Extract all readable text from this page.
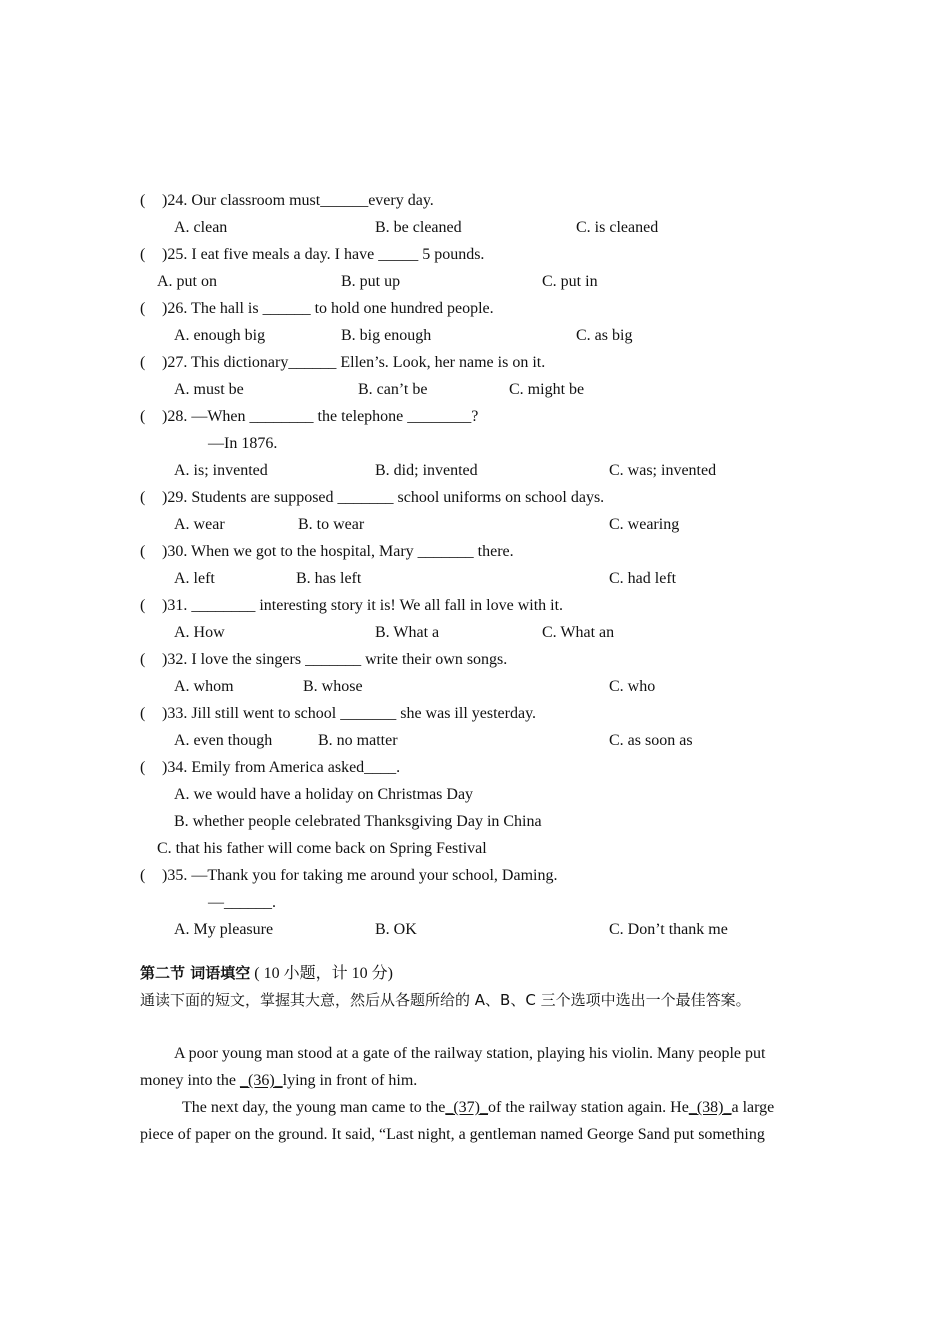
( )24. Our classroom must______every day.
A. clean	B. be cleaned	C. is cleaned
( )25. I eat five meals a day. I have _____ 5 pounds.
A. put on	B. put up	C. put in
( )26. The hall is ______ to hold one hundred people.
A. enough big	B. big enough	C. as big
( )27. This dictionary______ Ellen’s. Look, her name is on it.
A. must be	B. can’t be	C. might be
( )28. —When ________ the telephone ________?
—In 1876.
A. is; invented	B. did; invented	C. was; invented
( )29. Students are supposed _______ school uniforms on school days.
A. wear	B. to wear	C. wearing
( )30. When we got to the hospital, Mary _______ there.
A. left	B. has left	C. had left
( )31. ________ interesting story it is! We all fall in love with it.
A. How	B. What a	C. What an
( )32. I love the singers _______ write their own songs.
A. whom	B. whose	C. who
( )33. Jill still went to school _______ she was ill yesterday.
A. even though	B. no matter	C. as soon as
( )34. Emily from America asked____.
A. we would have a holiday on Christmas Day
B. whether people celebrated Thanksgiving Day in China
C. that his father will come back on Spring Festival
( )35. —Thank you for taking me around your school, Daming.
—______.
A. My pleasure	B. OK	C. Don’t thank me
第二节 词语填空 ( 10 小题，计 10 分)
通读下面的短文，掌握其大意，然后从各题所给的 A、B、C 三个选项中选出一个最佳答案。
A poor young man stood at a gate of the railway station, playing his violin. Many people put
money into the _(36)_lying in front of him.
The next day, the young man came to the_(37)_of the railway station again. He_(38)_a large
piece of paper on the ground. It said, “Last night, a gentleman named George Sand put something
